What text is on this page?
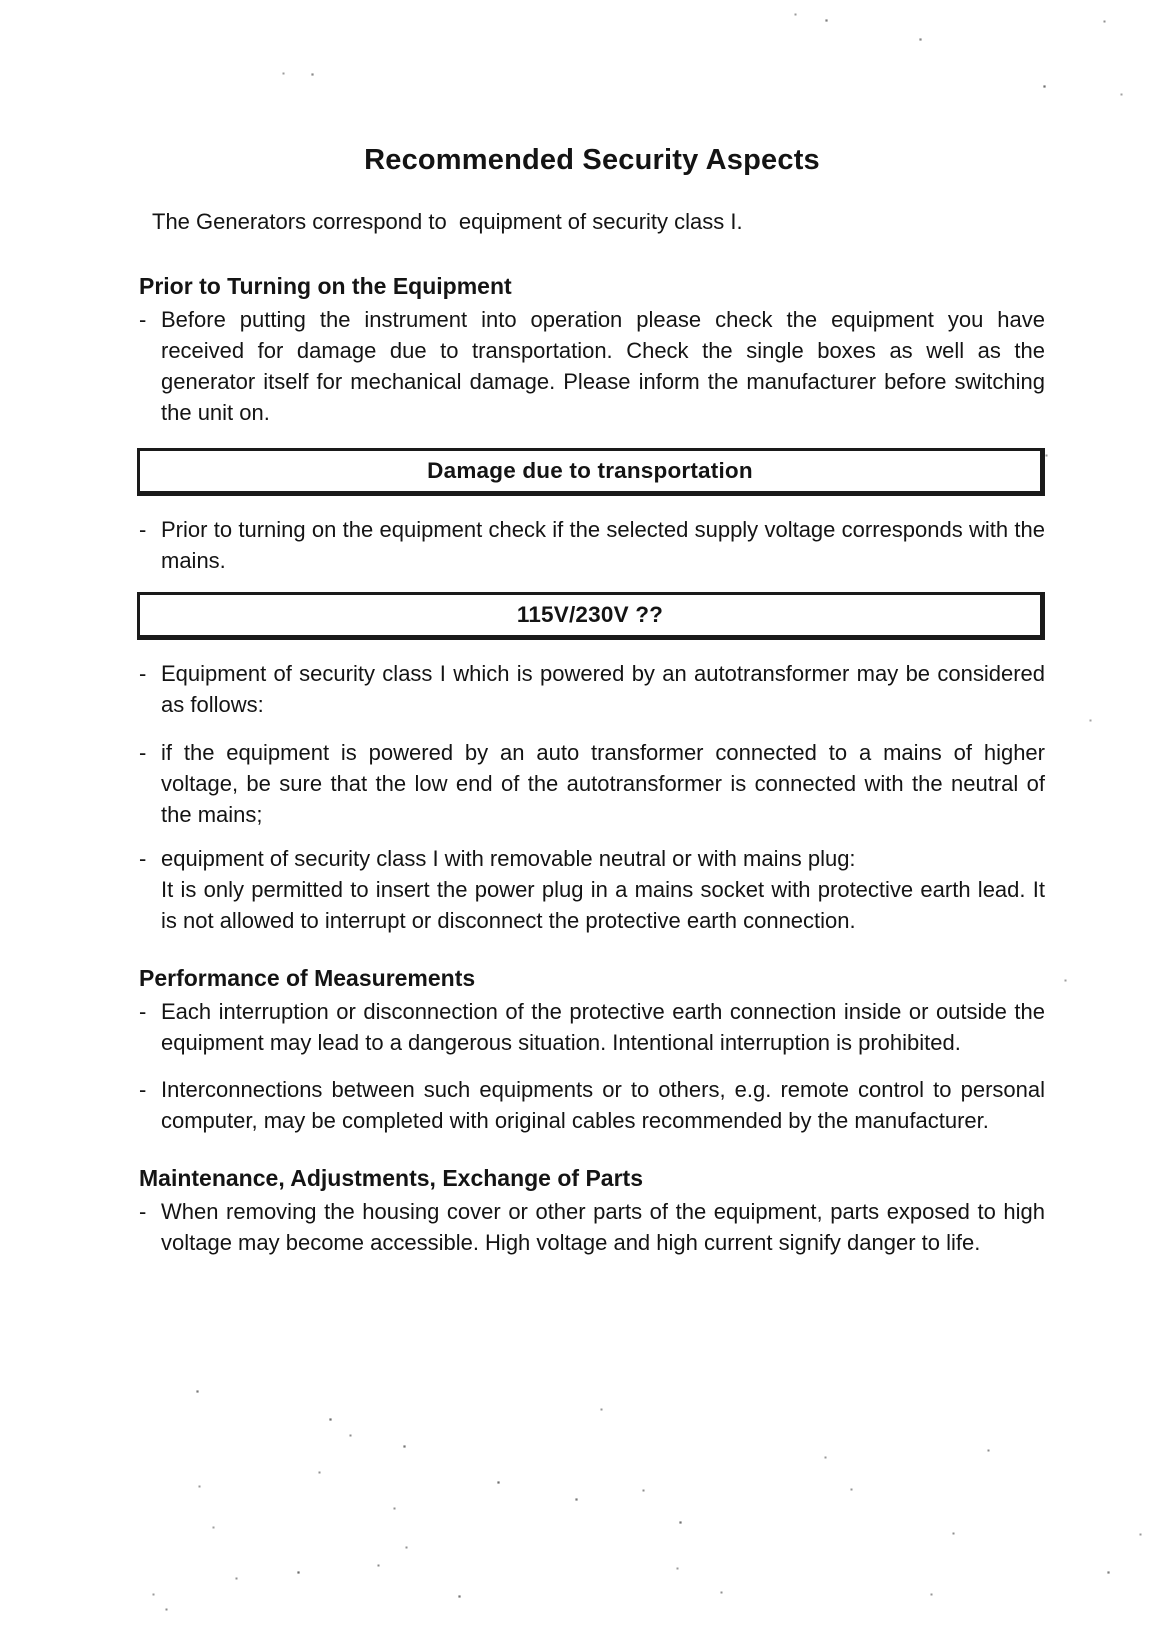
Recommended Security Aspects

The Generators correspond to  equipment of security class I.

Prior to Turning on the Equipment

- Before putting the instrument into operation please check the equipment you have received for damage due to transportation. Check the single boxes as well as the generator itself for mechanical damage. Please inform the manufacturer before switching the unit on.

Damage due to transportation

- Prior to turning on the equipment check if the selected supply voltage corresponds with the mains.

115V/230V ??

- Equipment of security class I which is powered by an autotransformer may be considered as follows:

- if the equipment is powered by an auto transformer connected to a mains of higher voltage, be sure that the low end of the autotransformer is connected with the neutral of the mains;

- equipment of security class I with removable neutral or with mains plug:

It is only permitted to insert the power plug in a mains socket with protective earth lead. It is not allowed to interrupt or disconnect the protective earth connection.
Performance of Measurements

- Each interruption or disconnection of the protective earth connection inside or outside the equipment may lead to a dangerous situation. Intentional interruption is prohibited.

- Interconnections between such equipments or to others, e.g. remote control to personal computer, may be completed with original cables recommended by the manufacturer.

Maintenance, Adjustments, Exchange of Parts

- When removing the housing cover or other parts of the equipment, parts exposed to high voltage may become accessible. High voltage and high current signify danger to life.
